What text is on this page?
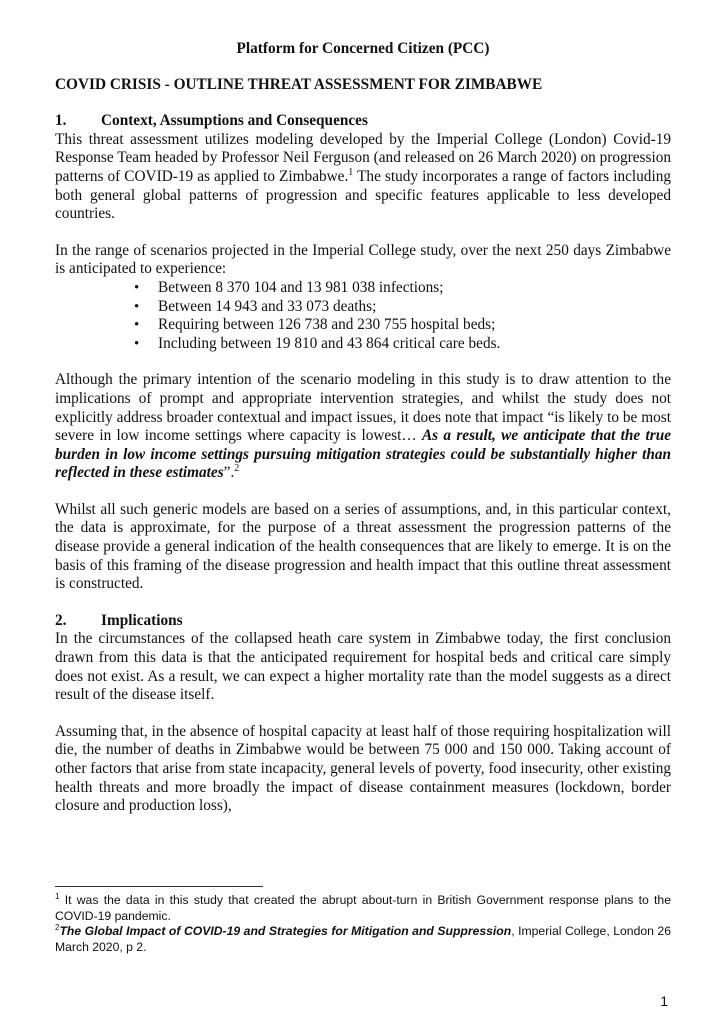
Platform for Concerned Citizen (PCC)
COVID CRISIS - OUTLINE THREAT ASSESSMENT FOR ZIMBABWE
1. Context, Assumptions and Consequences

This threat assessment utilizes modeling developed by the Imperial College (London) Covid-19 Response Team headed by Professor Neil Ferguson (and released on 26 March 2020) on progression patterns of COVID-19 as applied to Zimbabwe.$^1$ The study incorporates a range of factors including both general global patterns of progression and specific features applicable to less developed countries.

In the range of scenarios projected in the Imperial College study, over the next 250 days Zimbabwe is anticipated to experience:

• Between 8 370 104 and 13 981 038 infections;
• Between 14 943 and 33 073 deaths;
• Requiring between 126 738 and 230 755 hospital beds;
• Including between 19 810 and 43 864 critical care beds.

Although the primary intention of the scenario modeling in this study is to draw attention to the implications of prompt and appropriate intervention strategies, and whilst the study does not explicitly address broader contextual and impact issues, it does note that impact “is likely to be most severe in low income settings where capacity is lowest… As a result, we anticipate that the true burden in low income settings pursuing mitigation strategies could be substantially higher than reflected in these estimates”.$^2$

Whilst all such generic models are based on a series of assumptions, and, in this particular context, the data is approximate, for the purpose of a threat assessment the progression patterns of the disease provide a general indication of the health consequences that are likely to emerge. It is on the basis of this framing of the disease progression and health impact that this outline threat assessment is constructed.

2. Implications

In the circumstances of the collapsed heath care system in Zimbabwe today, the first conclusion drawn from this data is that the anticipated requirement for hospital beds and critical care simply does not exist. As a result, we can expect a higher mortality rate than the model suggests as a direct result of the disease itself.

Assuming that, in the absence of hospital capacity at least half of those requiring hospitalization will die, the number of deaths in Zimbabwe would be between 75 000 and 150 000. Taking account of other factors that arise from state incapacity, general levels of poverty, food insecurity, other existing health threats and more broadly the impact of disease containment measures (lockdown, border closure and production loss),

$^1$ It was the data in this study that created the abrupt about-turn in British Government response plans to the COVID-19 pandemic.

$^2$The Global Impact of COVID-19 and Strategies for Mitigation and Suppression, Imperial College, London 26 March 2020, p 2.

1
